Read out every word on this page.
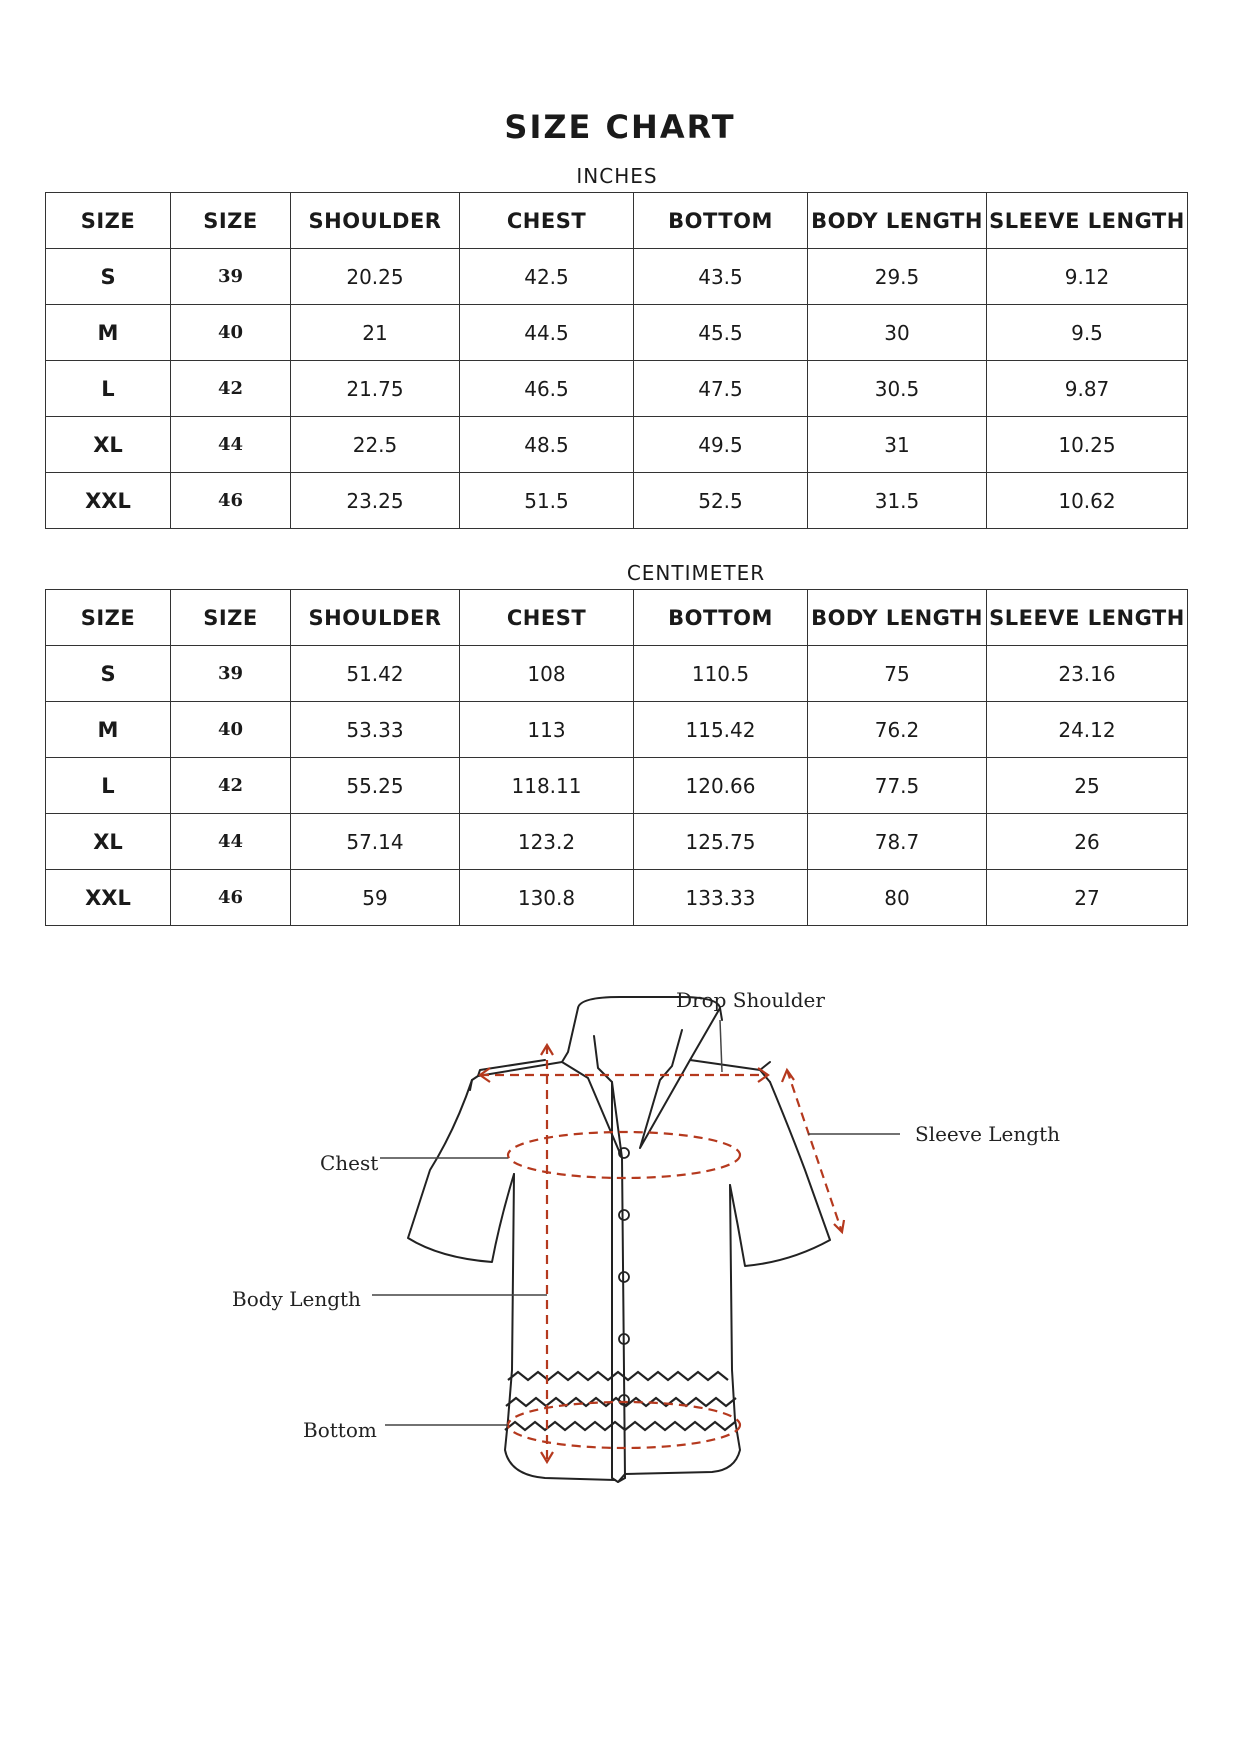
SIZE CHART
INCHES
SIZE	SIZE	SHOULDER	CHEST	BOTTOM	BODY LENGTH	SLEEVE LENGTH
S	39	20.25	42.5	43.5	29.5	9.12
M	40	21	44.5	45.5	30	9.5
L	42	21.75	46.5	47.5	30.5	9.87
XL	44	22.5	48.5	49.5	31	10.25
XXL	46	23.25	51.5	52.5	31.5	10.62
CENTIMETER
SIZE	SIZE	SHOULDER	CHEST	BOTTOM	BODY LENGTH	SLEEVE LENGTH
S	39	51.42	108	110.5	75	23.16
M	40	53.33	113	115.42	76.2	24.12
L	42	55.25	118.11	120.66	77.5	25
XL	44	57.14	123.2	125.75	78.7	26
XXL	46	59	130.8	133.33	80	27
Drop Shoulder
Sleeve Length
Chest
Body Length
Bottom
